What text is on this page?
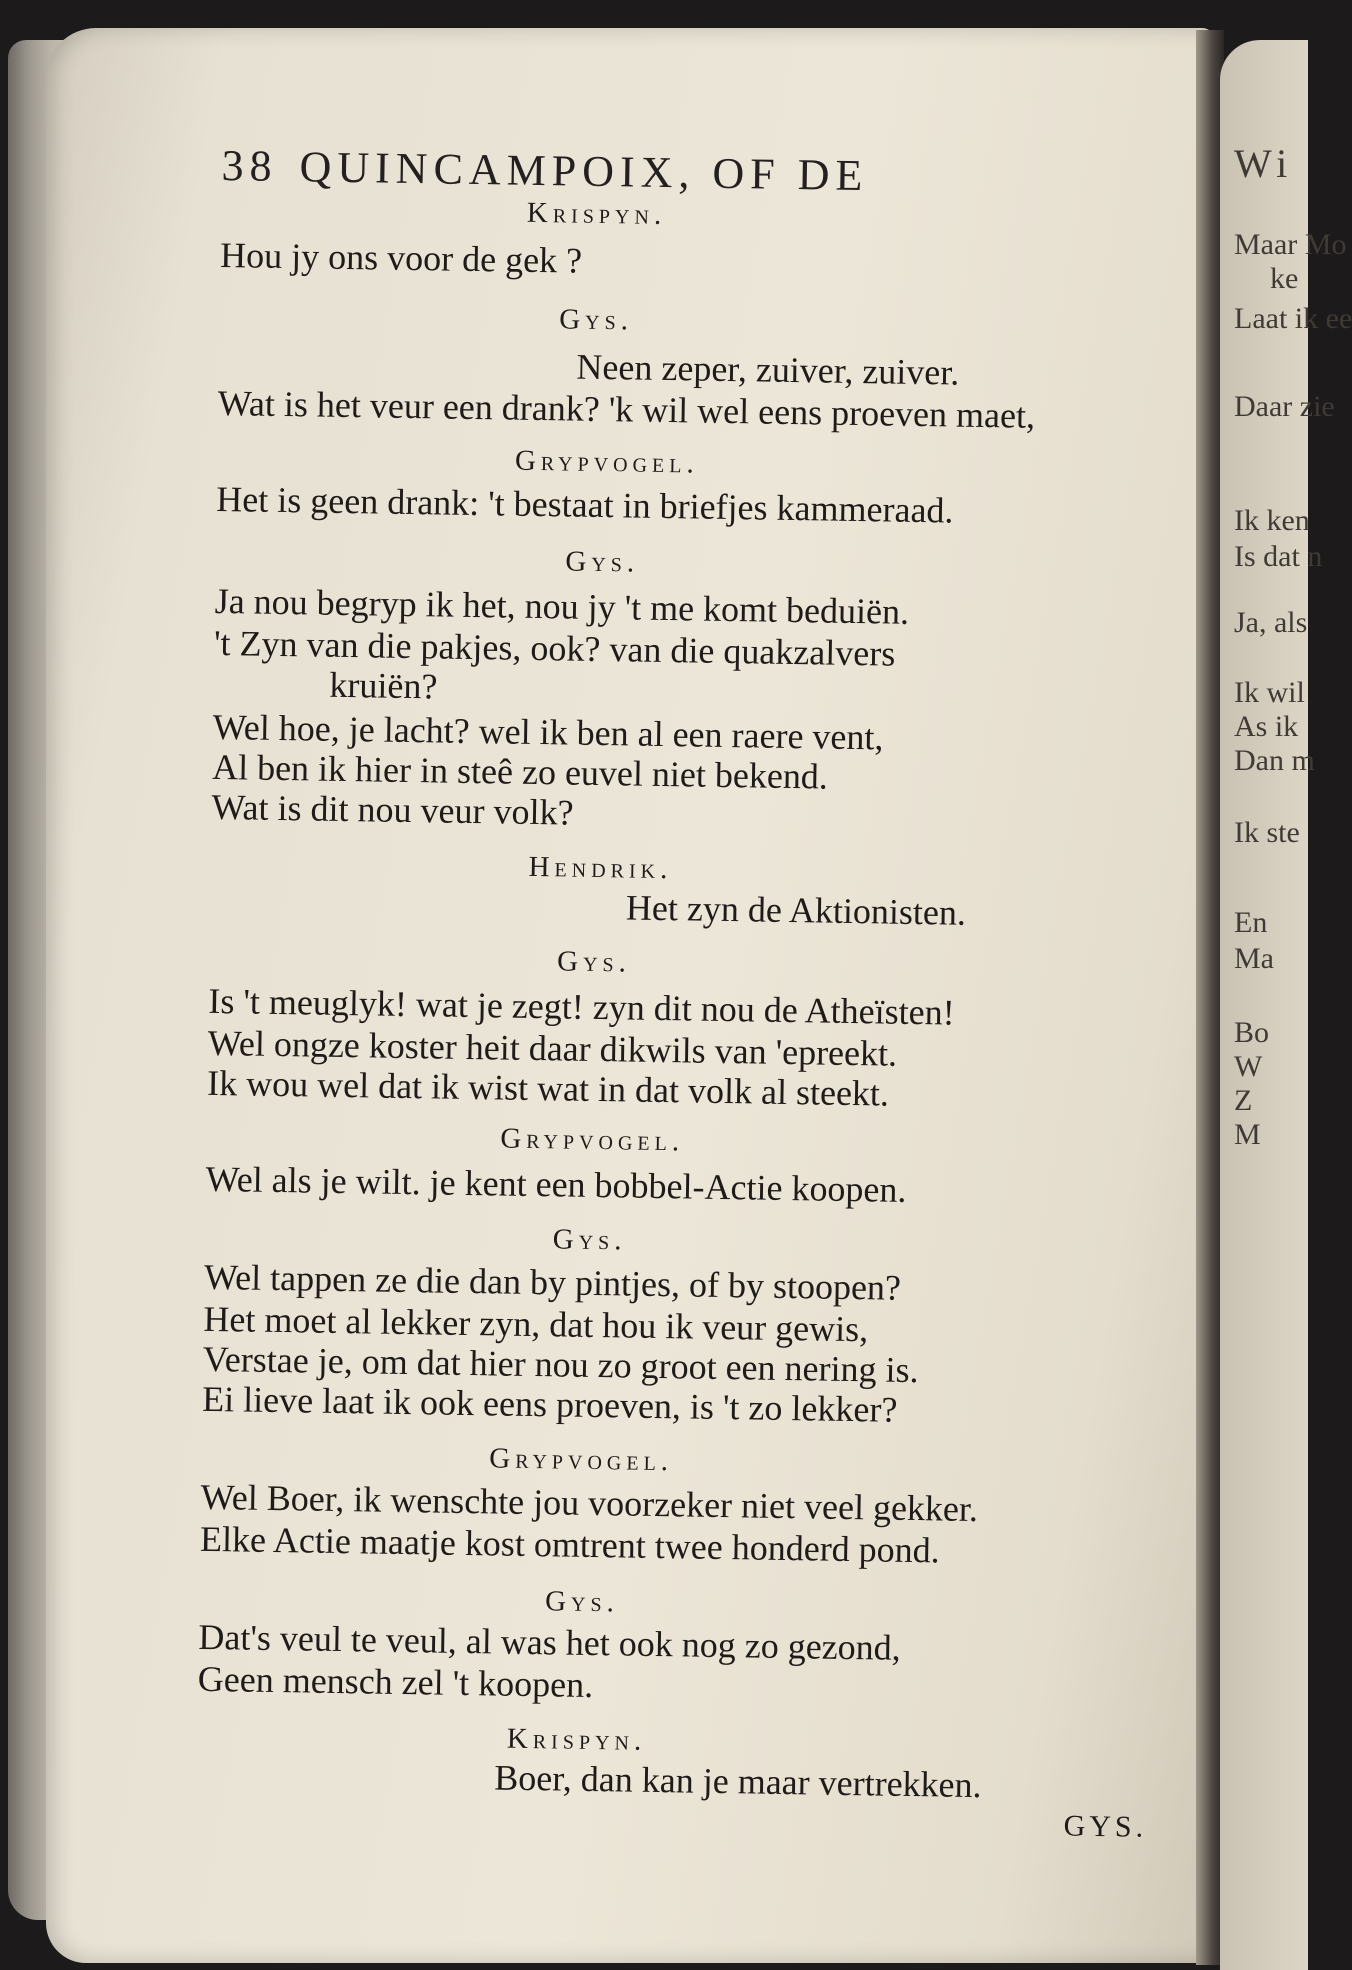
Wi
Maar Mo
ke
Laat ik ee
Daar zie
Ik ken
Is dat n
Ja, als
Ik wil
As ik
Dan m
Ik ste
En
Ma
Bo
W
Z
M
38 QUINCAMPOIX, OF DE
Krispyn.
Hou jy ons voor de gek ?
Gys.
Neen zeper, zuiver, zuiver.
Wat is het veur een drank? 'k wil wel eens proeven maet,
Grypvogel.
Het is geen drank: 't bestaat in briefjes kammeraad.
Gys.
Ja nou begryp ik het, nou jy 't me komt beduiën.
't Zyn van die pakjes, ook? van die quakzalvers
kruiën?
Wel hoe, je lacht? wel ik ben al een raere vent,
Al ben ik hier in steê zo euvel niet bekend.
Wat is dit nou veur volk?
Hendrik.
Het zyn de Aktionisten.
Gys.
Is 't meuglyk! wat je zegt! zyn dit nou de Atheïsten!
Wel ongze koster heit daar dikwils van 'epreekt.
Ik wou wel dat ik wist wat in dat volk al steekt.
Grypvogel.
Wel als je wilt. je kent een bobbel-Actie koopen.
Gys.
Wel tappen ze die dan by pintjes, of by stoopen?
Het moet al lekker zyn, dat hou ik veur gewis,
Verstae je, om dat hier nou zo groot een nering is.
Ei lieve laat ik ook eens proeven, is 't zo lekker?
Grypvogel.
Wel Boer, ik wenschte jou voorzeker niet veel gekker.
Elke Actie maatje kost omtrent twee honderd pond.
Gys.
Dat's veul te veul, al was het ook nog zo gezond,
Geen mensch zel 't koopen.
Krispyn.
Boer, dan kan je maar vertrekken.
GYS.
